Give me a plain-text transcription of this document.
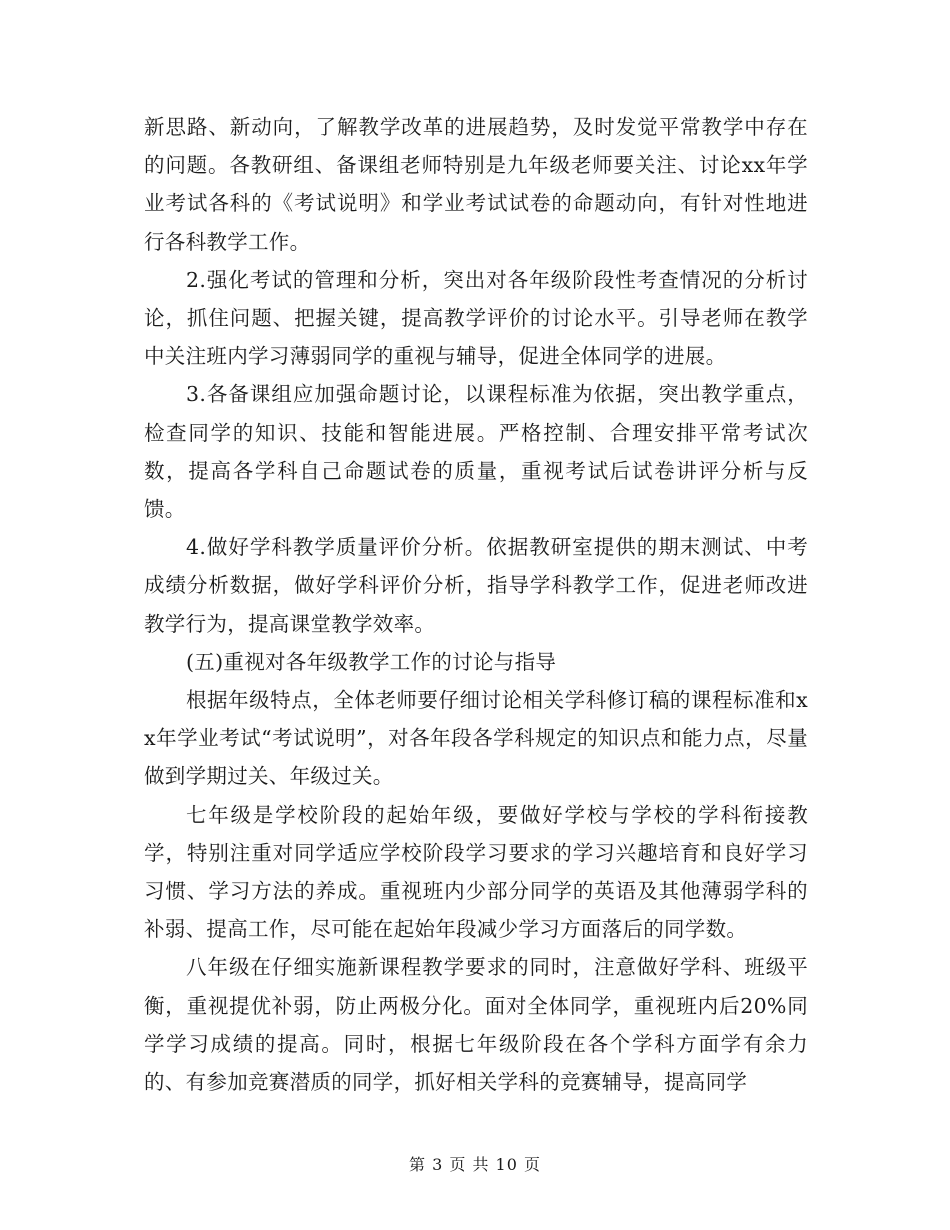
新思路、新动向，了解教学改革的进展趋势，及时发觉平常教学中存在的问题。各教研组、备课组老师特别是九年级老师要关注、讨论xx年学业考试各科的《考试说明》和学业考试试卷的命题动向，有针对性地进行各科教学工作。

2.强化考试的管理和分析，突出对各年级阶段性考查情况的分析讨论，抓住问题、把握关键，提高教学评价的讨论水平。引导老师在教学中关注班内学习薄弱同学的重视与辅导，促进全体同学的进展。

3.各备课组应加强命题讨论，以课程标准为依据，突出教学重点，检查同学的知识、技能和智能进展。严格控制、合理安排平常考试次数，提高各学科自己命题试卷的质量，重视考试后试卷讲评分析与反馈。

4.做好学科教学质量评价分析。依据教研室提供的期末测试、中考成绩分析数据，做好学科评价分析，指导学科教学工作，促进老师改进教学行为，提高课堂教学效率。

(五)重视对各年级教学工作的讨论与指导

根据年级特点，全体老师要仔细讨论相关学科修订稿的课程标准和xx年学业考试“考试说明”，对各年段各学科规定的知识点和能力点，尽量做到学期过关、年级过关。

七年级是学校阶段的起始年级，要做好学校与学校的学科衔接教学，特别注重对同学适应学校阶段学习要求的学习兴趣培育和良好学习习惯、学习方法的养成。重视班内少部分同学的英语及其他薄弱学科的补弱、提高工作，尽可能在起始年段减少学习方面落后的同学数。

八年级在仔细实施新课程教学要求的同时，注意做好学科、班级平衡，重视提优补弱，防止两极分化。面对全体同学，重视班内后20%同学学习成绩的提高。同时，根据七年级阶段在各个学科方面学有余力的、有参加竞赛潜质的同学，抓好相关学科的竞赛辅导，提高同学

第 3 页 共 10 页
